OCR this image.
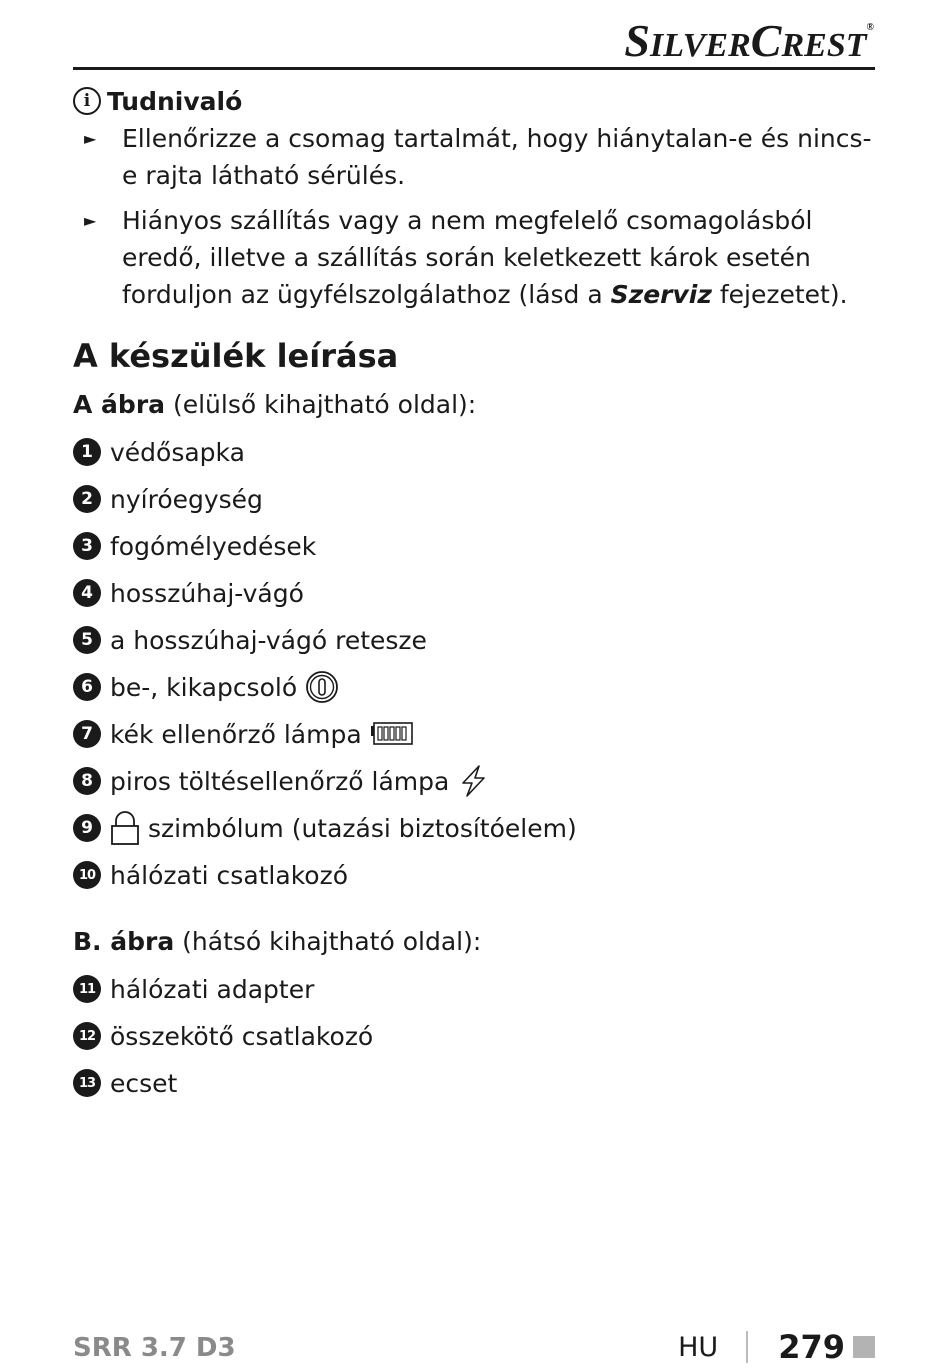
SILVERCREST®
i Tudnivaló
► Ellenőrizze a csomag tartalmát, hogy hiánytalan-e és nincs-e rajta látható sérülés.
► Hiányos szállítás vagy a nem megfelelő csomagolásból eredő, illetve a szállítás során keletkezett károk esetén forduljon az ügyfélszolgálathoz (lásd a Szerviz fejezetet).
A készülék leírása
A ábra (elülső kihajtható oldal):
1 védősapka
2 nyíróegység
3 fogómélyedések
4 hosszúhaj-vágó
5 a hosszúhaj-vágó retesze
6 be-, kikapcsoló
7 kék ellenőrző lámpa
8 piros töltésellenőrző lámpa
9	szimbólum (utazási biztosítóelem)
10 hálózati csatlakozó
B. ábra (hátsó kihajtható oldal):
11 hálózati adapter
12 összekötő csatlakozó
13 ecset
SRR 3.7 D3	HU 279
